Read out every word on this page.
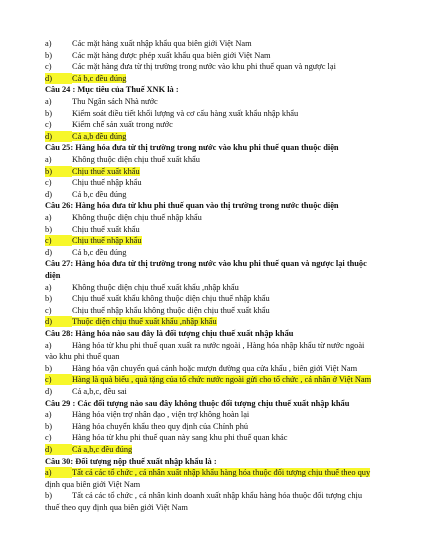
a) Các mặt hàng xuất nhập khẩu qua biên giới Việt Nam
b) Các mặt hàng được phép xuất khẩu qua biên giới Việt Nam
c) Các mặt hàng đưa từ thị trường trong nước vào khu phi thuế quan và ngược lại
d) Cả b,c đều đúng
Câu 24 : Mục tiêu của Thuế XNK là :
a) Thu Ngân sách Nhà nước
b) Kiểm soát điều tiết khối lượng và cơ cấu hàng xuất khẩu nhập khẩu
c) Kiểm chế sản xuất trong nước
d) Cả a,b đều đúng
Câu 25: Hàng hóa đưa từ thị trường trong nước vào khu phi thuế quan thuộc diện
a) Không thuộc diện chịu thuế xuất khẩu
b) Chịu thuế xuất khẩu
c) Chịu thuế nhập khẩu
d) Cả b,c đều đúng
Câu 26: Hàng hóa đưa từ khu phi thuế quan vào thị trường trong nước thuộc diện
a) Không thuộc diện chịu thuế nhập khẩu
b) Chịu thuế xuất khẩu
c) Chịu thuế nhập khẩu
d) Cả b,c đều đúng
Câu 27: Hàng hóa đưa từ thị trường trong nước vào khu phi thuế quan và ngược lại thuộc
diện
a) Không thuộc diện chịu thuế xuất khẩu ,nhập khẩu
b) Chịu thuế xuất khẩu không thuộc diện chịu thuế nhập khẩu
c) Chịu thuế nhập khẩu không thuộc diện chịu thuế xuất khẩu
d) Thuộc diện chịu thuế xuất khẩu ,nhập khẩu
Câu 28: Hàng hóa nào sau đây là đối tượng chịu thuế xuất nhập khẩu
a) Hàng hóa từ khu phi thuế quan xuất ra nước ngoài , Hàng hóa nhập khẩu từ nước ngoài
vào khu phi thuế quan
b) Hàng hóa vận chuyển quá cảnh hoặc mượn đường qua cửa khẩu , biên giới Việt Nam
c) Hàng là quà biếu , quà tặng của tổ chức nước ngoài gửi cho tổ chức , cá nhân ở Việt Nam
d) Cả a,b,c, đều sai
Câu 29 : Các đối tượng nào sau đây không thuộc đối tượng chịu thuế xuất nhập khẩu
a) Hàng hóa viện trợ nhân đạo , viện trợ không hoàn lại
b) Hàng hóa chuyển khẩu theo quy định của Chính phủ
c) Hàng hóa từ khu phi thuế quan này sang khu phi thuế quan khác
d) Cả a,b,c đều đúng
Câu 30: Đối tượng nộp thuế xuất nhập khẩu là :
a) Tất cả các tổ chức , cá nhân xuất nhập khẩu hàng hóa thuộc đối tượng chịu thuế theo quy
định qua biên giới Việt Nam
b) Tất cả các tổ chức , cá nhân kinh doanh xuất nhập khẩu hàng hóa thuộc đối tượng chịu
thuế theo quy định qua biên giới Việt Nam
